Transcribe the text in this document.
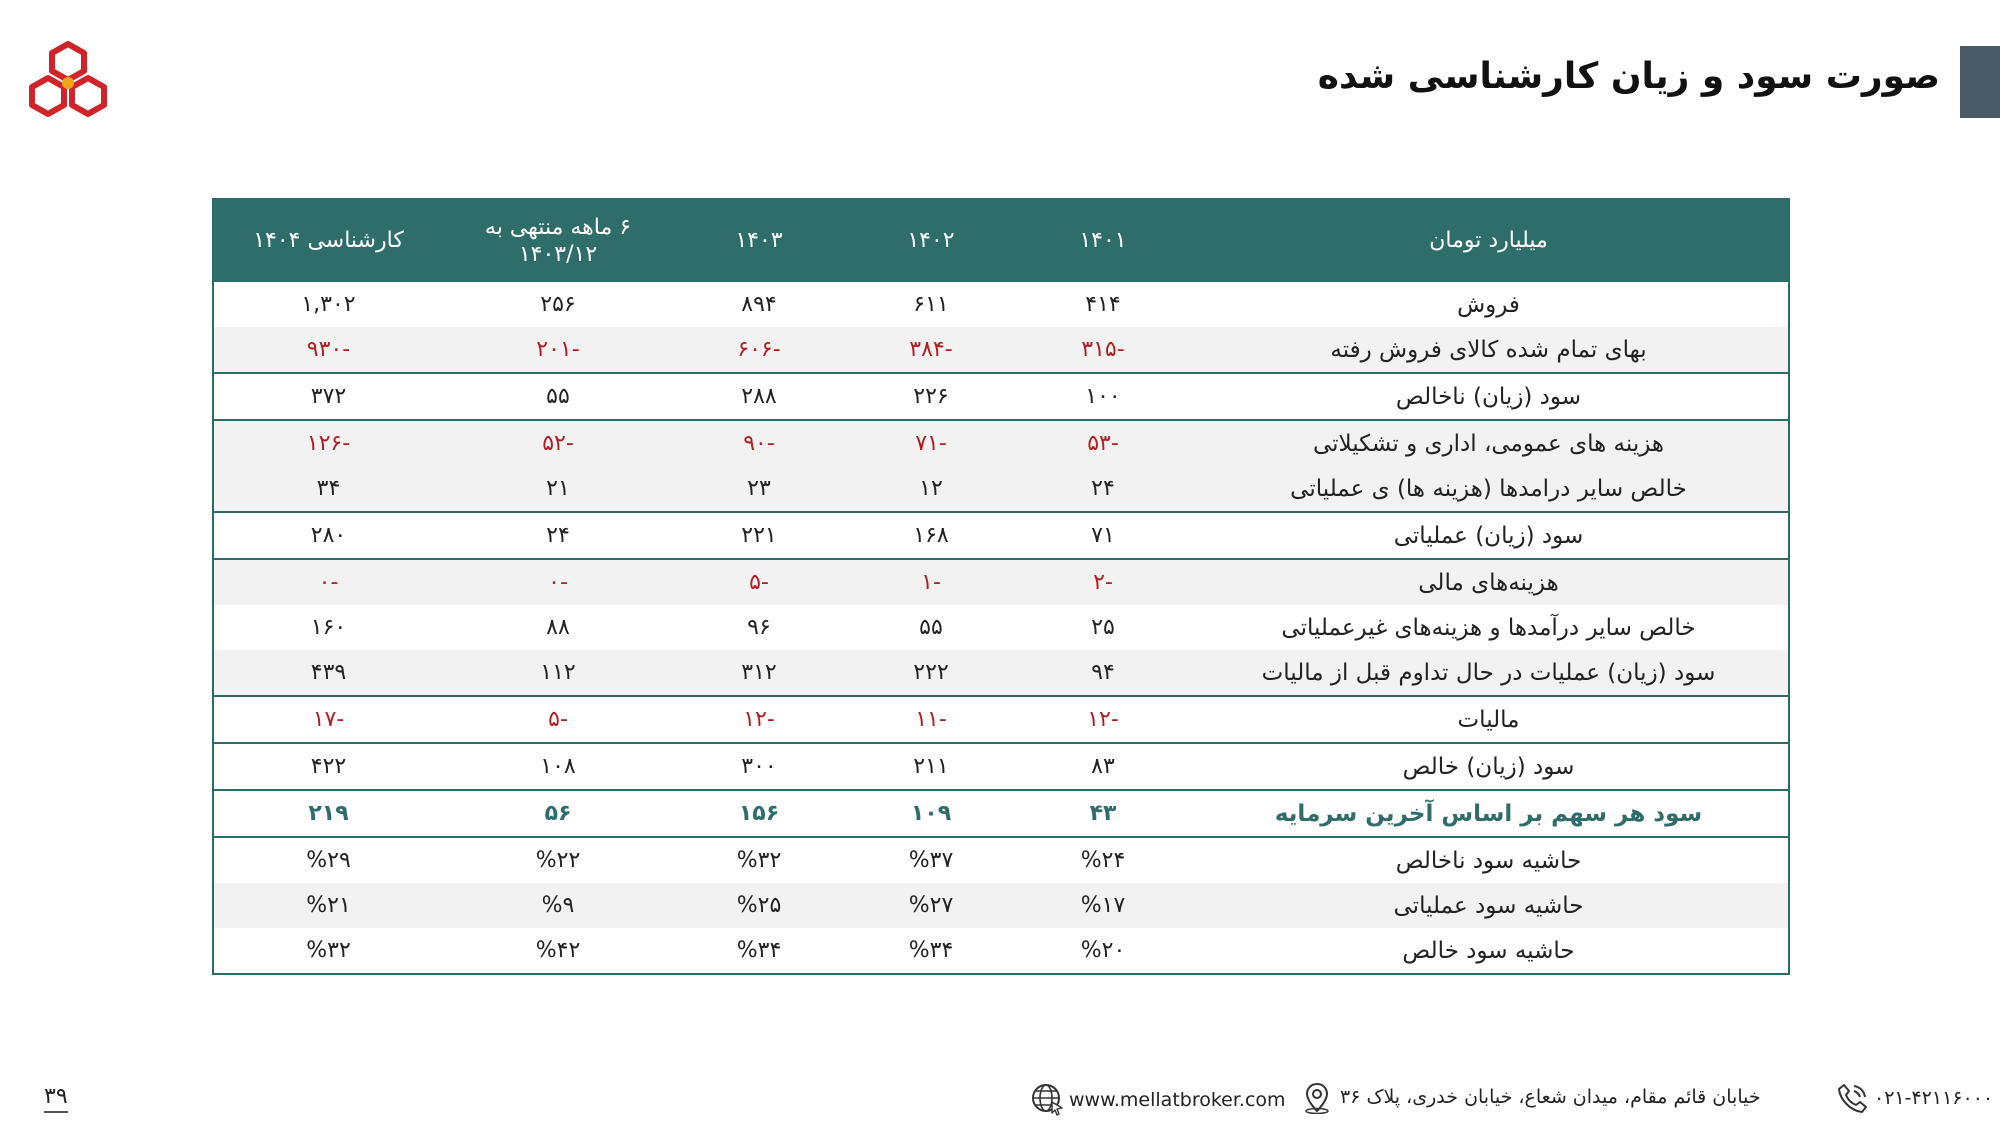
صورت سود و زیان کارشناسی شده
میلیارد تومان	۱۴۰۱	۱۴۰۲	۱۴۰۳	۶ ماهه منتهی به ۱۴۰۳/۱۲	کارشناسی ۱۴۰۴
فروش	۴۱۴	۶۱۱	۸۹۴	۲۵۶	۱,۳۰۲
بهای تمام شده کالای فروش رفته	-۳۱۵	-۳۸۴	-۶۰۶	-۲۰۱	-۹۳۰
سود (زیان) ناخالص	۱۰۰	۲۲۶	۲۸۸	۵۵	۳۷۲
هزینه های عمومی، اداری و تشکیلاتی	-۵۳	-۷۱	-۹۰	-۵۲	-۱۲۶
خالص سایر درامدها (هزینه ها) ی عملیاتی	۲۴	۱۲	۲۳	۲۱	۳۴
سود (زیان) عملیاتی	۷۱	۱۶۸	۲۲۱	۲۴	۲۸۰
هزینه‌های مالی	-۲	-۱	-۵	-۰	-۰
خالص سایر درآمدها و هزینه‌های غیرعملیاتی	۲۵	۵۵	۹۶	۸۸	۱۶۰
سود (زیان) عملیات در حال تداوم قبل از مالیات	۹۴	۲۲۲	۳۱۲	۱۱۲	۴۳۹
مالیات	-۱۲	-۱۱	-۱۲	-۵	-۱۷
سود (زیان) خالص	۸۳	۲۱۱	۳۰۰	۱۰۸	۴۲۲
سود هر سهم بر اساس آخرین سرمایه	۴۳	۱۰۹	۱۵۶	۵۶	۲۱۹
حاشیه سود ناخالص	%۲۴	%۳۷	%۳۲	%۲۲	%۲۹
حاشیه سود عملیاتی	%۱۷	%۲۷	%۲۵	%۹	%۲۱
حاشیه سود خالص	%۲۰	%۳۴	%۳۴	%۴۲	%۳۲
۳۹	۰۲۱-۴۲۱۱۶۰۰۰
خیابان قائم مقام، میدان شعاع، خیابان خدری، پلاک ۳۶
www.mellatbroker.com
